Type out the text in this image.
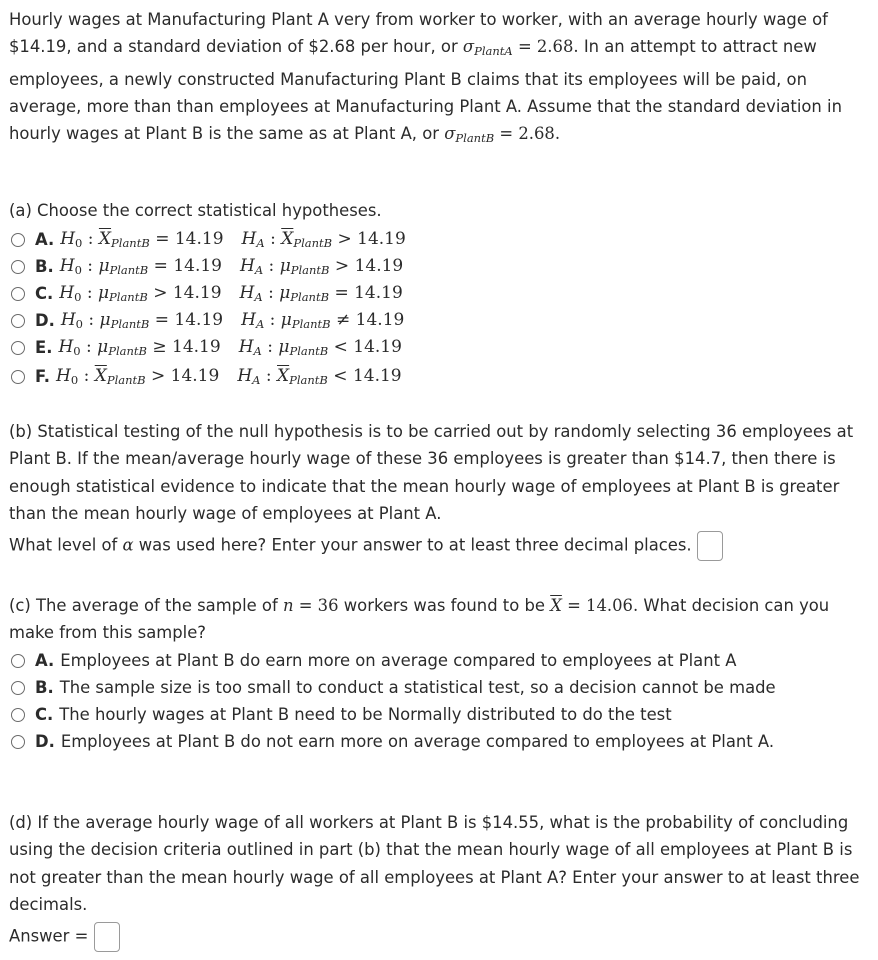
Hourly wages at Manufacturing Plant A very from worker to worker, with an average hourly wage of
$14.19, and a standard deviation of $2.68 per hour, or $\sigma_{PlantA} = 2.68$. In an attempt to attract new
employees, a newly constructed Manufacturing Plant B claims that its employees will be paid, on
average, more than than employees at Manufacturing Plant A. Assume that the standard deviation in
hourly wages at Plant B is the same as at Plant A, or $\sigma_{PlantB} = 2.68$.
(a) Choose the correct statistical hypotheses.
A. H0 : $\overline{X}_{PlantB} = 14.19$ $H_A$ : $\overline{X}_{PlantB} > 14.19$
B. H0 : $\mu_{PlantB} = 14.19$ $H_A$ : $\mu_{PlantB} > 14.19$
C. H0 : $\mu_{PlantB} > 14.19$ $H_A$ : $\mu_{PlantB} = 14.19$
D. H0 : $\mu_{PlantB} = 14.19$ $H_A$ : $\mu_{PlantB} \ne 14.19$
E. H0 : $\mu_{PlantB} \ge 14.19$ $H_A$ : $\mu_{PlantB} < 14.19$
F. H0 : $\overline{X}_{PlantB} > 14.19$ $H_A$ : $\overline{X}_{PlantB} < 14.19$
(b) Statistical testing of the null hypothesis is to be carried out by randomly selecting 36 employees at
Plant B. If the mean/average hourly wage of these 36 employees is greater than $14.7, then there is
enough statistical evidence to indicate that the mean hourly wage of employees at Plant B is greater
than the mean hourly wage of employees at Plant A.
What level of α was used here? Enter your answer to at least three decimal places.
(c) The average of the sample of n = 36 workers was found to be $\overline{X} = 14.06$. What decision can you
make from this sample?
A. Employees at Plant B do earn more on average compared to employees at Plant A
B. The sample size is too small to conduct a statistical test, so a decision cannot be made
C. The hourly wages at Plant B need to be Normally distributed to do the test
D. Employees at Plant B do not earn more on average compared to employees at Plant A.
(d) If the average hourly wage of all workers at Plant B is $14.55, what is the probability of concluding
using the decision criteria outlined in part (b) that the mean hourly wage of all employees at Plant B is
not greater than the mean hourly wage of all employees at Plant A? Enter your answer to at least three
decimals.
Answer =
